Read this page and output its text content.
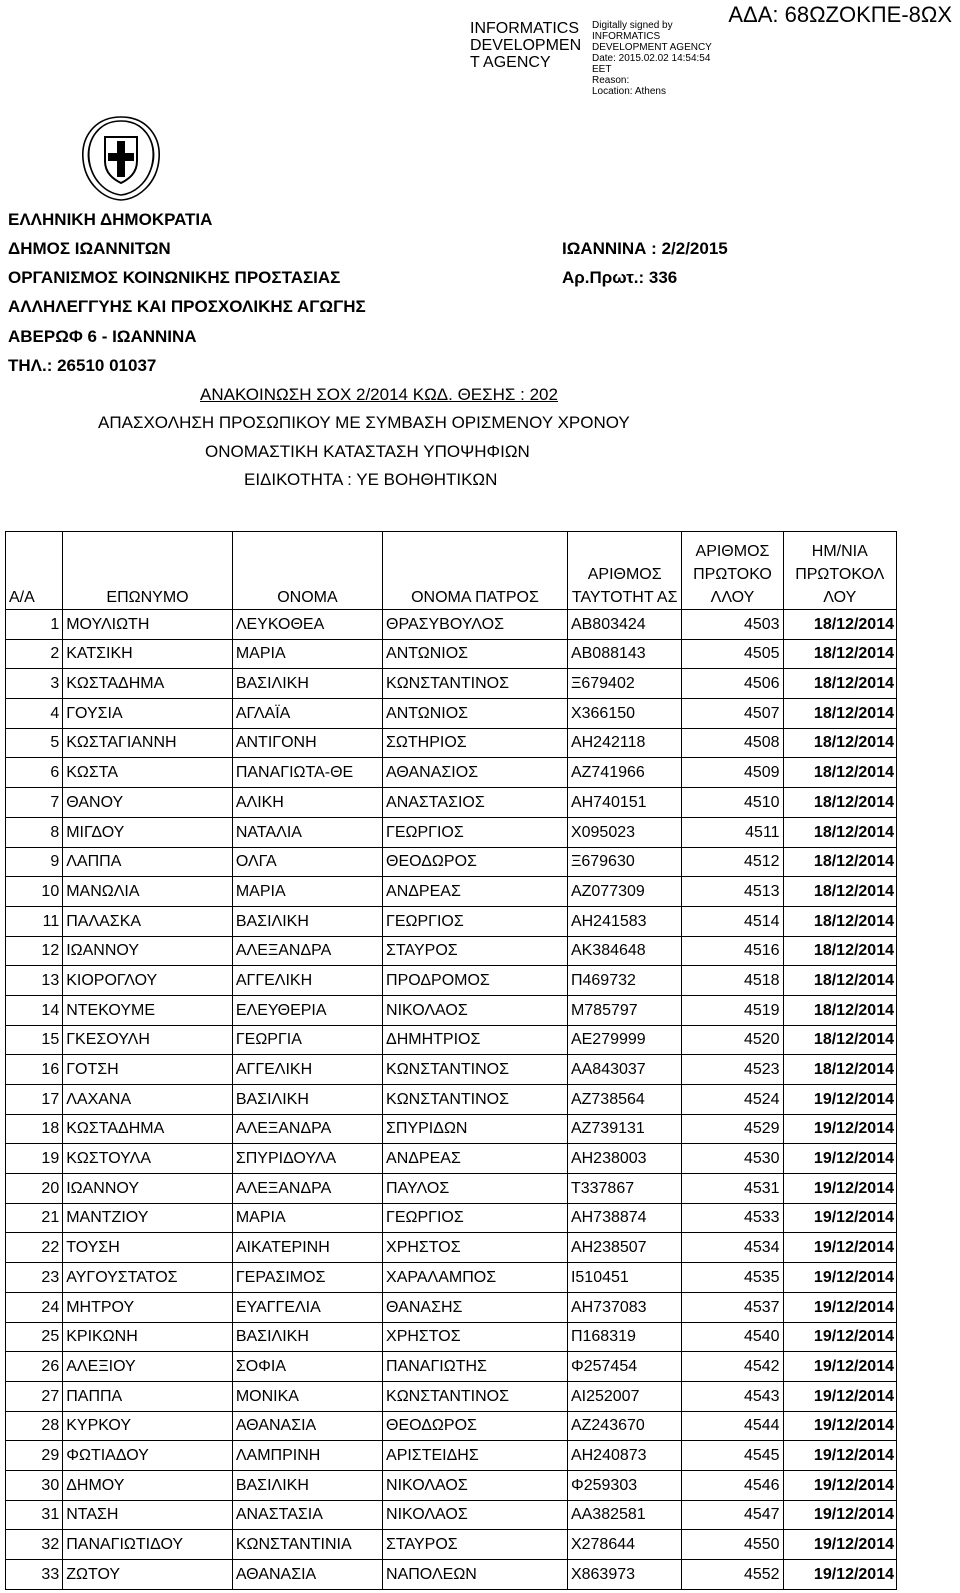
ΑΔΑ: 68ΩΖΟΚΠΕ-8ΩΧ
INFORMATICS
DEVELOPMEN
T AGENCY
Digitally signed by
INFORMATICS
DEVELOPMENT AGENCY
Date: 2015.02.02 14:54:54
EET
Reason:
Location: Athens
ΕΛΛΗΝΙΚΗ ΔΗΜΟΚΡΑΤΙΑ
ΔΗΜΟΣ ΙΩΑΝΝΙΤΩΝ
ΟΡΓΑΝΙΣΜΟΣ ΚΟΙΝΩΝΙΚΗΣ ΠΡΟΣΤΑΣΙΑΣ
ΑΛΛΗΛΕΓΓΥΗΣ ΚΑΙ ΠΡΟΣΧΟΛΙΚΗΣ ΑΓΩΓΗΣ
ΑΒΕΡΩΦ 6 - ΙΩΑΝΝΙΝΑ
ΤΗΛ.: 26510 01037
ΙΩΑΝΝΙΝΑ : 2/2/2015
Αρ.Πρωτ.: 336
ΑΝΑΚΟΙΝΩΣΗ ΣΟΧ 2/2014 ΚΩΔ. ΘΕΣΗΣ : 202
ΑΠΑΣΧΟΛΗΣΗ ΠΡΟΣΩΠΙΚΟΥ ΜΕ ΣΥΜΒΑΣΗ ΟΡΙΣΜΕΝΟΥ ΧΡΟΝΟΥ
ΟΝΟΜΑΣΤΙΚΗ ΚΑΤΑΣΤΑΣΗ ΥΠΟΨΗΦΙΩΝ
ΕΙΔΙΚΟΤΗΤΑ : ΥΕ ΒΟΗΘΗΤΙΚΩΝ
Α/Α	ΕΠΩΝΥΜΟ	ΟΝΟΜΑ	ΟΝΟΜΑ ΠΑΤΡΟΣ	ΑΡΙΘΜΟΣ ΤΑΥΤΟΤΗΤ ΑΣ	ΑΡΙΘΜΟΣ ΠΡΩΤΟΚΟ ΛΛΟΥ	ΗΜ/ΝΙΑ ΠΡΩΤΟΚΟΛ ΛΟΥ
1	ΜΟΥΛΙΩΤΗ	ΛΕΥΚΟΘΕΑ	ΘΡΑΣΥΒΟΥΛΟΣ	ΑΒ803424	4503	18/12/2014
2	ΚΑΤΣΙΚΗ	ΜΑΡΙΑ	ΑΝΤΩΝΙΟΣ	ΑΒ088143	4505	18/12/2014
3	ΚΩΣΤΑΔΗΜΑ	ΒΑΣΙΛΙΚΗ	ΚΩΝΣΤΑΝΤΙΝΟΣ	Ξ679402	4506	18/12/2014
4	ΓΟΥΣΙΑ	ΑΓΛΑΪΑ	ΑΝΤΩΝΙΟΣ	Χ366150	4507	18/12/2014
5	ΚΩΣΤΑΓΙΑΝΝΗ	ΑΝΤΙΓΟΝΗ	ΣΩΤΗΡΙΟΣ	ΑΗ242118	4508	18/12/2014
6	ΚΩΣΤΑ	ΠΑΝΑΓΙΩΤΑ-ΘΕ	ΑΘΑΝΑΣΙΟΣ	ΑΖ741966	4509	18/12/2014
7	ΘΑΝΟΥ	ΑΛΙΚΗ	ΑΝΑΣΤΑΣΙΟΣ	ΑΗ740151	4510	18/12/2014
8	ΜΙΓΔΟΥ	ΝΑΤΑΛΙΑ	ΓΕΩΡΓΙΟΣ	Χ095023	4511	18/12/2014
9	ΛΑΠΠΑ	ΟΛΓΑ	ΘΕΟΔΩΡΟΣ	Ξ679630	4512	18/12/2014
10	ΜΑΝΩΛΙΑ	ΜΑΡΙΑ	ΑΝΔΡΕΑΣ	ΑΖ077309	4513	18/12/2014
11	ΠΑΛΑΣΚΑ	ΒΑΣΙΛΙΚΗ	ΓΕΩΡΓΙΟΣ	ΑΗ241583	4514	18/12/2014
12	ΙΩΑΝΝΟΥ	ΑΛΕΞΑΝΔΡΑ	ΣΤΑΥΡΟΣ	ΑΚ384648	4516	18/12/2014
13	ΚΙΟΡΟΓΛΟΥ	ΑΓΓΕΛΙΚΗ	ΠΡΟΔΡΟΜΟΣ	Π469732	4518	18/12/2014
14	ΝΤΕΚΟΥΜΕ	ΕΛΕΥΘΕΡΙΑ	ΝΙΚΟΛΑΟΣ	Μ785797	4519	18/12/2014
15	ΓΚΕΣΟΥΛΗ	ΓΕΩΡΓΙΑ	ΔΗΜΗΤΡΙΟΣ	ΑΕ279999	4520	18/12/2014
16	ΓΟΤΣΗ	ΑΓΓΕΛΙΚΗ	ΚΩΝΣΤΑΝΤΙΝΟΣ	ΑΑ843037	4523	18/12/2014
17	ΛΑΧΑΝΑ	ΒΑΣΙΛΙΚΗ	ΚΩΝΣΤΑΝΤΙΝΟΣ	ΑΖ738564	4524	19/12/2014
18	ΚΩΣΤΑΔΗΜΑ	ΑΛΕΞΑΝΔΡΑ	ΣΠΥΡΙΔΩΝ	ΑΖ739131	4529	19/12/2014
19	ΚΩΣΤΟΥΛΑ	ΣΠΥΡΙΔΟΥΛΑ	ΑΝΔΡΕΑΣ	ΑΗ238003	4530	19/12/2014
20	ΙΩΑΝΝΟΥ	ΑΛΕΞΑΝΔΡΑ	ΠΑΥΛΟΣ	Τ337867	4531	19/12/2014
21	ΜΑΝΤΖΙΟΥ	ΜΑΡΙΑ	ΓΕΩΡΓΙΟΣ	ΑΗ738874	4533	19/12/2014
22	ΤΟΥΣΗ	ΑΙΚΑΤΕΡΙΝΗ	ΧΡΗΣΤΟΣ	ΑΗ238507	4534	19/12/2014
23	ΑΥΓΟΥΣΤΑΤΟΣ	ΓΕΡΑΣΙΜΟΣ	ΧΑΡΑΛΑΜΠΟΣ	Ι510451	4535	19/12/2014
24	ΜΗΤΡΟΥ	ΕΥΑΓΓΕΛΙΑ	ΘΑΝΑΣΗΣ	ΑΗ737083	4537	19/12/2014
25	ΚΡΙΚΩΝΗ	ΒΑΣΙΛΙΚΗ	ΧΡΗΣΤΟΣ	Π168319	4540	19/12/2014
26	ΑΛΕΞΙΟΥ	ΣΟΦΙΑ	ΠΑΝΑΓΙΩΤΗΣ	Φ257454	4542	19/12/2014
27	ΠΑΠΠΑ	ΜΟΝΙΚΑ	ΚΩΝΣΤΑΝΤΙΝΟΣ	ΑΙ252007	4543	19/12/2014
28	ΚΥΡΚΟΥ	ΑΘΑΝΑΣΙΑ	ΘΕΟΔΩΡΟΣ	ΑΖ243670	4544	19/12/2014
29	ΦΩΤΙΑΔΟΥ	ΛΑΜΠΡΙΝΗ	ΑΡΙΣΤΕΙΔΗΣ	ΑΗ240873	4545	19/12/2014
30	ΔΗΜΟΥ	ΒΑΣΙΛΙΚΗ	ΝΙΚΟΛΑΟΣ	Φ259303	4546	19/12/2014
31	ΝΤΑΣΗ	ΑΝΑΣΤΑΣΙΑ	ΝΙΚΟΛΑΟΣ	ΑΑ382581	4547	19/12/2014
32	ΠΑΝΑΓΙΩΤΙΔΟΥ	ΚΩΝΣΤΑΝΤΙΝΙΑ	ΣΤΑΥΡΟΣ	Χ278644	4550	19/12/2014
33	ΖΩΤΟΥ	ΑΘΑΝΑΣΙΑ	ΝΑΠΟΛΕΩΝ	Χ863973	4552	19/12/2014
